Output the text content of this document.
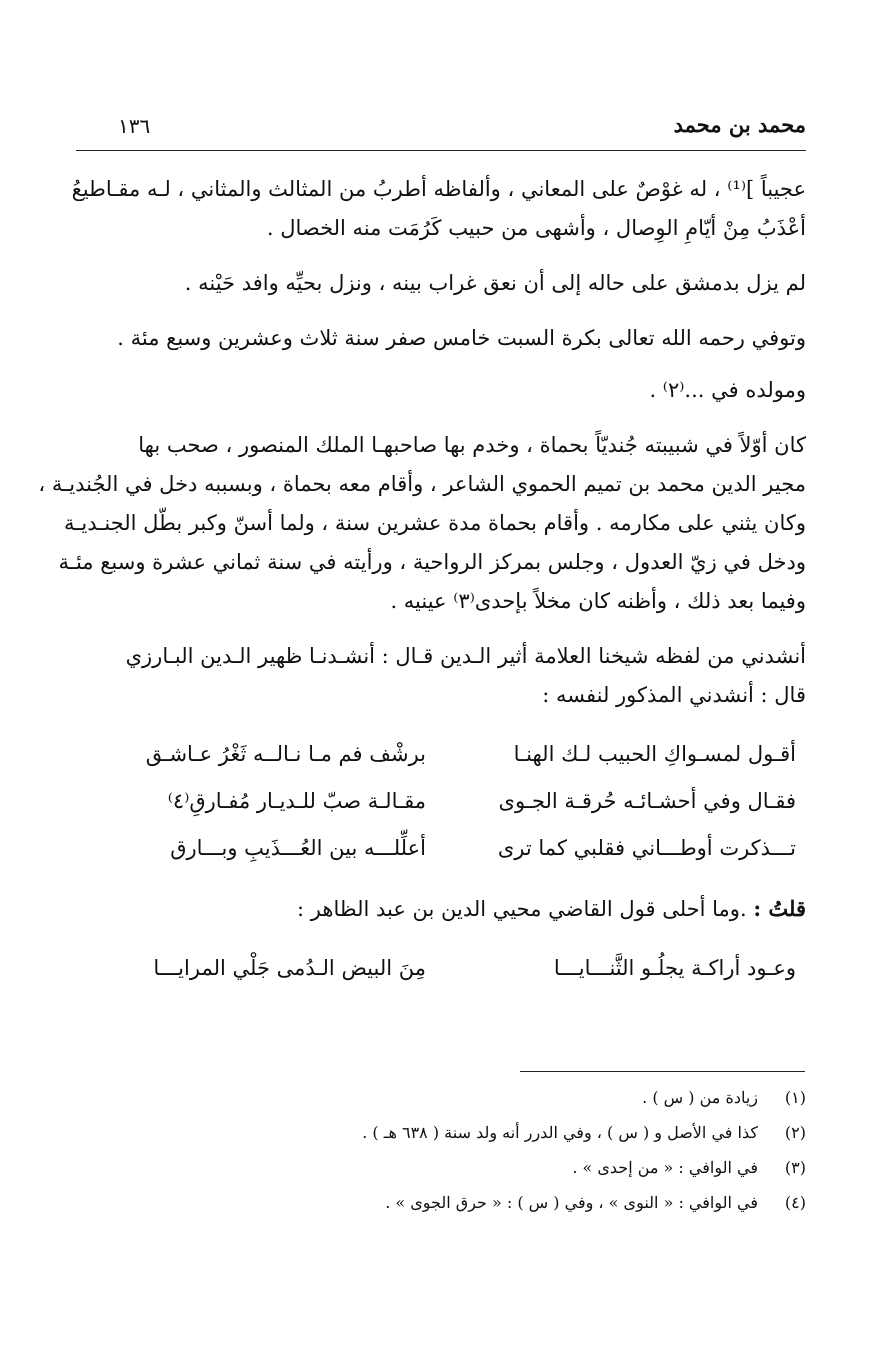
محمد بن محمد
١٣٦

عجيباً ]⁽¹⁾ ، له غوْصٌ على المعاني ، وألفاظه أطربُ من المثالث والمثاني ، لـه مقـاطيعُ
أعْذَبُ مِنْ أيّامِ الوِصال ، وأشهى من حبيب كَرُمَت منه الخصال .

لم يزل بدمشق على حاله إلى أن نعق غراب بينه ، ونزل بحيِّه وافد حَيْنه .

وتوفي رحمه الله تعالى بكرة السبت خامس صفر سنة ثلاث وعشرين وسبع مئة .

ومولده في ...⁽٢⁾ .

كان أوّلاً في شبيبته جُنديّاً بحماة ، وخدم بها صاحبهـا الملك المنصور ، صحب بها
مجير الدين محمد بن تميم الحموي الشاعر ، وأقام معه بحماة ، وبسببه دخل في الجُنديـة ،
وكان يثني على مكارمه . وأقام بحماة مدة عشرين سنة ، ولما أسنّ وكبر بطّل الجنـديـة
ودخل في زيّ العدول ، وجلس بمركز الرواحية ، ورأيته في سنة ثماني عشرة وسبع مئـة
وفيما بعد ذلك ، وأظنه كان مخلاً بإحدى⁽٣⁾ عينيه .

أنشدني من لفظه شيخنا العلامة أثير الـدين قـال : أنشـدنـا ظهير الـدين البـارزي
قال : أنشدني المذكور لنفسه :

أقـول لمسـواكِ الحبيب لـك الهنـا
برشْف فم مـا نـالــه ثَغْرُ عـاشـق
فقـال وفي أحشـائـه حُرقـة الجـوى
مقـالـة صبّ للـديـار مُفـارقِ⁽٤⁾
تـــذكرت أوطـــاني فقلبي كما ترى
أعلِّلـــه بين العُـــذَيبِ وبـــارق

قلتُ : .وما أحلى قول القاضي محيي الدين بن عبد الظاهر :

وعـود أراكـة يجلُـو الثَّنـــايـــا
مِنَ البيض الـدُمى جَلْي المرايـــا
(١)
زيادة من ( س ) .
(٢)
كذا في الأصل و ( س ) ، وفي الدرر أنه ولد سنة ( ٦٣٨ هـ ) .
(٣)
في الوافي : « من إحدى » .
(٤)
في الوافي : « النوى » ، وفي ( س ) : « حرق الجوى » .
